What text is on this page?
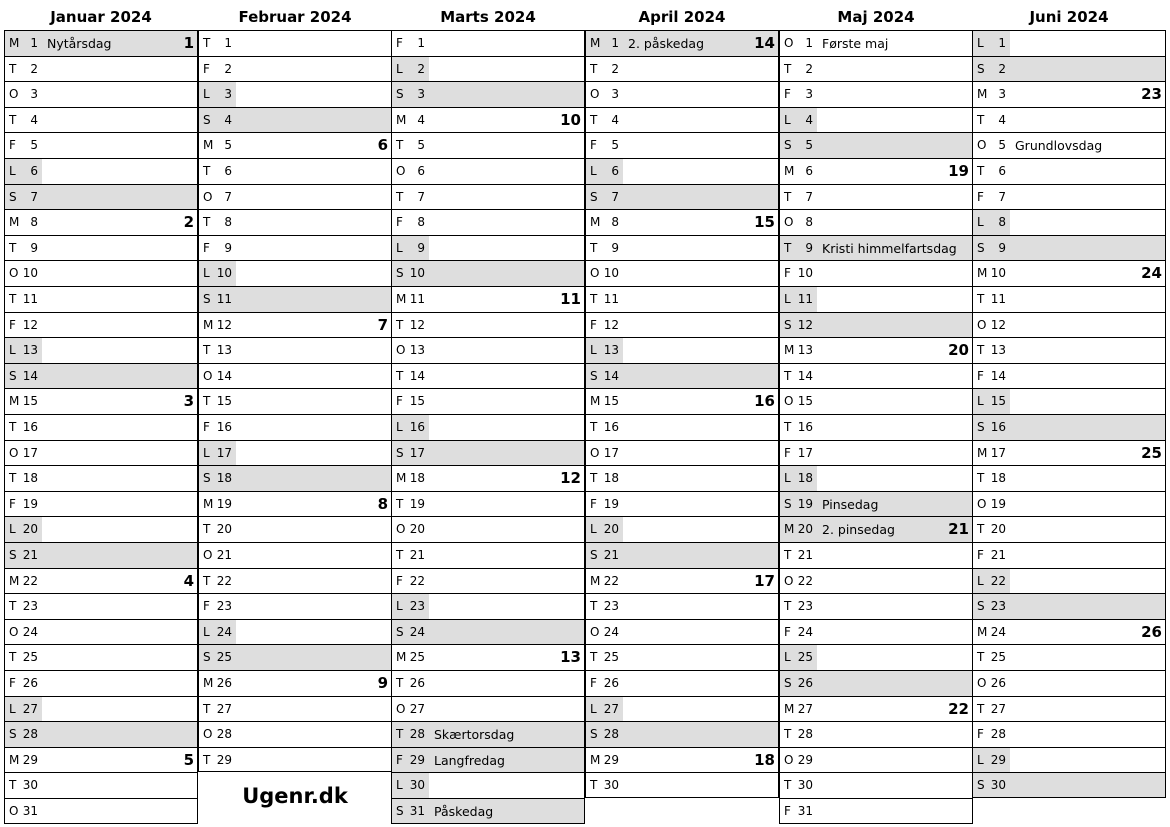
Januar 2024
M 1 Nytårsdag	1
T	2
O 3
T	4
F	5
L	6
S	7
M 8	2
T	9
O 10
T 11
F 12
L 13
S 14
M 15	3
T 16
O 17
T 18
F 19
L 20
S 21
M 22	4
T 23
O 24
T 25
F 26
L 27
S 28
M 29	5
T 30
O 31
Februar 2024
T	1
F	2
L	3
S	4
M 5	6
T	6
O 7
T	8
F	9
L 10
S 11
M 12	7
T 13
O 14
T 15
F 16
L 17
S 18
M 19	8
T 20
O 21
T 22
F 23
L 24
S 25
M 26	9
T 27
O 28
T 29
Marts 2024
F	1
L	2
S	3
M 4	10
T	5
O 6
T	7
F	8
L	9
S 10
M 11	11
T 12
O 13
T 14
F 15
L 16
S 17
M 18	12
T 19
O 20
T 21
F 22
L 23
S 24
M 25	13
T 26
O 27
T 28 Skærtorsdag
F 29 Langfredag
L 30
S 31 Påskedag
April 2024
M 1 2. påskedag	14
T	2
O 3
T	4
F	5
L	6
S	7
M 8	15
T	9
O 10
T 11
F 12
L 13
S 14
M 15	16
T 16
O 17
T 18
F 19
L 20
S 21
M 22	17
T 23
O 24
T 25
F 26
L 27
S 28
M 29	18
T 30
Maj 2024
O 1 Første maj
T	2
F	3
L	4
S	5
M 6	19
T	7
O 8
T	9 Kristi himmelfartsdag
F 10
L 11
S 12
M 13	20
T 14
O 15
T 16
F 17
L 18
S 19 Pinsedag
M 20 2. pinsedag	21
T 21
O 22
T 23
F 24
L 25
S 26
M 27	22
T 28
O 29
T 30
F 31
Juni 2024
L	1
S	2
M 3	23
T	4
O 5 Grundlovsdag
T	6
F	7
L	8
S	9
M 10	24
T 11
O 12
T 13
F 14
L 15
S 16
M 17	25
T 18
O 19
T 20
F 21
L 22
S 23
M 24	26
T 25
O 26
T 27
F 28
L 29
S 30
Ugenr.dk
